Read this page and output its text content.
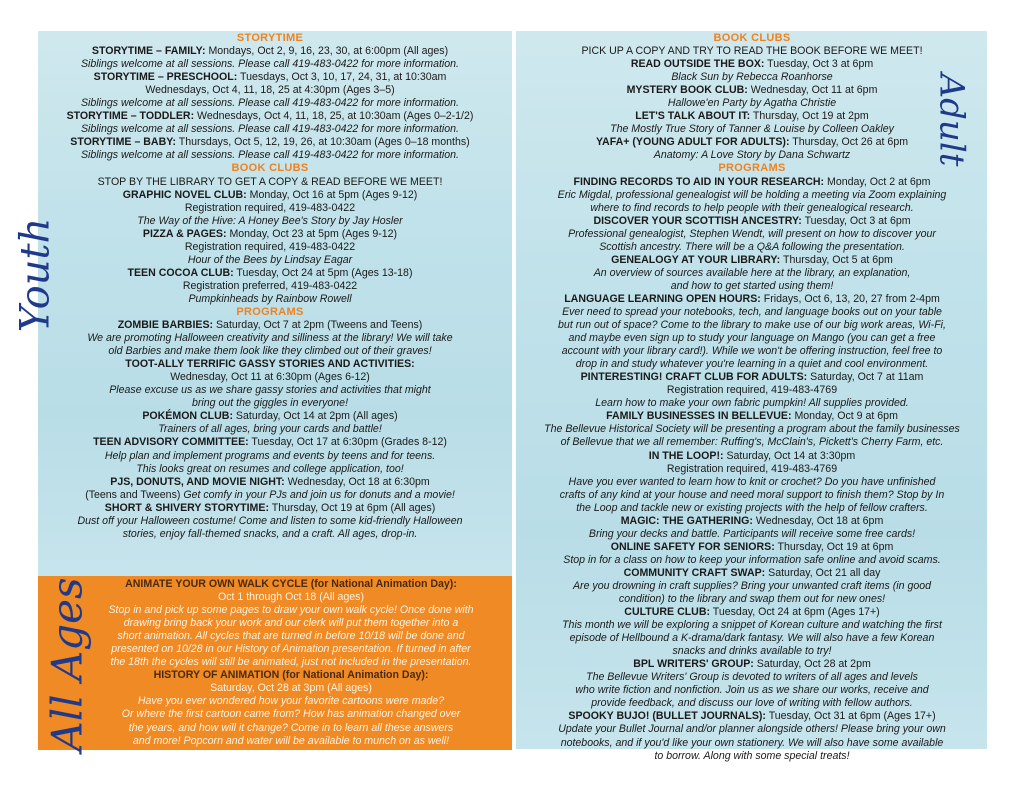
Youth
Adult
All Ages
STORYTIME
STORYTIME – FAMILY: Mondays, Oct 2, 9, 16, 23, 30, at 6:00pm (All ages)
Siblings welcome at all sessions. Please call 419-483-0422 for more information.
STORYTIME – PRESCHOOL: Tuesdays, Oct 3, 10, 17, 24, 31, at 10:30am
Wednesdays, Oct 4, 11, 18, 25 at 4:30pm (Ages 3–5)
Siblings welcome at all sessions. Please call 419-483-0422 for more information.
STORYTIME – TODDLER: Wednesdays, Oct 4, 11, 18, 25, at 10:30am (Ages 0–2-1/2)
Siblings welcome at all sessions. Please call 419-483-0422 for more information.
STORYTIME – BABY: Thursdays, Oct 5, 12, 19, 26, at 10:30am (Ages 0–18 months)
Siblings welcome at all sessions. Please call 419-483-0422 for more information.
BOOK CLUBS
STOP BY THE LIBRARY TO GET A COPY & READ BEFORE WE MEET!
GRAPHIC NOVEL CLUB: Monday, Oct 16 at 5pm (Ages 9-12)
Registration required, 419-483-0422
The Way of the Hive: A Honey Bee's Story by Jay Hosler
PIZZA & PAGES: Monday, Oct 23 at 5pm (Ages 9-12)
Registration required, 419-483-0422
Hour of the Bees by Lindsay Eagar
TEEN COCOA CLUB: Tuesday, Oct 24 at 5pm (Ages 13-18)
Registration preferred, 419-483-0422
Pumpkinheads by Rainbow Rowell
PROGRAMS
ZOMBIE BARBIES: Saturday, Oct 7 at 2pm (Tweens and Teens)
We are promoting Halloween creativity and silliness at the library! We will take
old Barbies and make them look like they climbed out of their graves!
TOOT-ALLY TERRIFIC GASSY STORIES AND ACTIVITIES:
Wednesday, Oct 11 at 6:30pm (Ages 6-12)
Please excuse us as we share gassy stories and activities that might
bring out the giggles in everyone!
POKÉMON CLUB: Saturday, Oct 14 at 2pm (All ages)
Trainers of all ages, bring your cards and battle!
TEEN ADVISORY COMMITTEE: Tuesday, Oct 17 at 6:30pm (Grades 8-12)
Help plan and implement programs and events by teens and for teens.
This looks great on resumes and college application, too!
PJS, DONUTS, AND MOVIE NIGHT: Wednesday, Oct 18 at 6:30pm
(Teens and Tweens) Get comfy in your PJs and join us for donuts and a movie!
SHORT & SHIVERY STORYTIME: Thursday, Oct 19 at 6pm (All ages)
Dust off your Halloween costume! Come and listen to some kid-friendly Halloween
stories, enjoy fall-themed snacks, and a craft. All ages, drop-in.
ANIMATE YOUR OWN WALK CYCLE (for National Animation Day):
Oct 1 through Oct 18 (All ages)
Stop in and pick up some pages to draw your own walk cycle! Once done with
drawing bring back your work and our clerk will put them together into a
short animation. All cycles that are turned in before 10/18 will be done and
presented on 10/28 in our History of Animation presentation. If turned in after
the 18th the cycles will still be animated, just not included in the presentation.
HISTORY OF ANIMATION (for National Animation Day):
Saturday, Oct 28 at 3pm (All ages)
Have you ever wondered how your favorite cartoons were made?
Or where the first cartoon came from? How has animation changed over
the years, and how will it change? Come in to learn all these answers
and more! Popcorn and water will be available to munch on as well!
BOOK CLUBS
PICK UP A COPY AND TRY TO READ THE BOOK BEFORE WE MEET!
READ OUTSIDE THE BOX: Tuesday, Oct 3 at 6pm
Black Sun by Rebecca Roanhorse
MYSTERY BOOK CLUB: Wednesday, Oct 11 at 6pm
Hallowe'en Party by Agatha Christie
LET'S TALK ABOUT IT: Thursday, Oct 19 at 2pm
The Mostly True Story of Tanner & Louise by Colleen Oakley
YAFA+ (YOUNG ADULT FOR ADULTS): Thursday, Oct 26 at 6pm
Anatomy: A Love Story by Dana Schwartz
PROGRAMS
FINDING RECORDS TO AID IN YOUR RESEARCH: Monday, Oct 2 at 6pm
Eric Migdal, professional genealogist will be holding a meeting via Zoom explaining
where to find records to help people with their genealogical research.
DISCOVER YOUR SCOTTISH ANCESTRY: Tuesday, Oct 3 at 6pm
Professional genealogist, Stephen Wendt, will present on how to discover your
Scottish ancestry. There will be a Q&A following the presentation.
GENEALOGY AT YOUR LIBRARY: Thursday, Oct 5 at 6pm
An overview of sources available here at the library, an explanation,
and how to get started using them!
LANGUAGE LEARNING OPEN HOURS: Fridays, Oct 6, 13, 20, 27 from 2-4pm
Ever need to spread your notebooks, tech, and language books out on your table
but run out of space? Come to the library to make use of our big work areas, Wi-Fi,
and maybe even sign up to study your language on Mango (you can get a free
account with your library card!). While we won't be offering instruction, feel free to
drop in and study whatever you're learning in a quiet and cool environment.
PINTERESTING! CRAFT CLUB FOR ADULTS: Saturday, Oct 7 at 11am
Registration required, 419-483-4769
Learn how to make your own fabric pumpkin! All supplies provided.
FAMILY BUSINESSES IN BELLEVUE: Monday, Oct 9 at 6pm
The Bellevue Historical Society will be presenting a program about the family businesses
of Bellevue that we all remember: Ruffing's, McClain's, Pickett's Cherry Farm, etc.
IN THE LOOP!: Saturday, Oct 14 at 3:30pm
Registration required, 419-483-4769
Have you ever wanted to learn how to knit or crochet? Do you have unfinished
crafts of any kind at your house and need moral support to finish them? Stop by In
the Loop and tackle new or existing projects with the help of fellow crafters.
MAGIC: THE GATHERING: Wednesday, Oct 18 at 6pm
Bring your decks and battle. Participants will receive some free cards!
ONLINE SAFETY FOR SENIORS: Thursday, Oct 19 at 6pm
Stop in for a class on how to keep your information safe online and avoid scams.
COMMUNITY CRAFT SWAP: Saturday, Oct 21 all day
Are you drowning in craft supplies? Bring your unwanted craft items (in good
condition) to the library and swap them out for new ones!
CULTURE CLUB: Tuesday, Oct 24 at 6pm (Ages 17+)
This month we will be exploring a snippet of Korean culture and watching the first
episode of Hellbound a K-drama/dark fantasy. We will also have a few Korean
snacks and drinks available to try!
BPL WRITERS' GROUP: Saturday, Oct 28 at 2pm
The Bellevue Writers' Group is devoted to writers of all ages and levels
who write fiction and nonfiction. Join us as we share our works, receive and
provide feedback, and discuss our love of writing with fellow authors.
SPOOKY BUJO! (BULLET JOURNALS): Tuesday, Oct 31 at 6pm (Ages 17+)
Update your Bullet Journal and/or planner alongside others! Please bring your own
notebooks, and if you'd like your own stationery. We will also have some available
to borrow. Along with some special treats!
